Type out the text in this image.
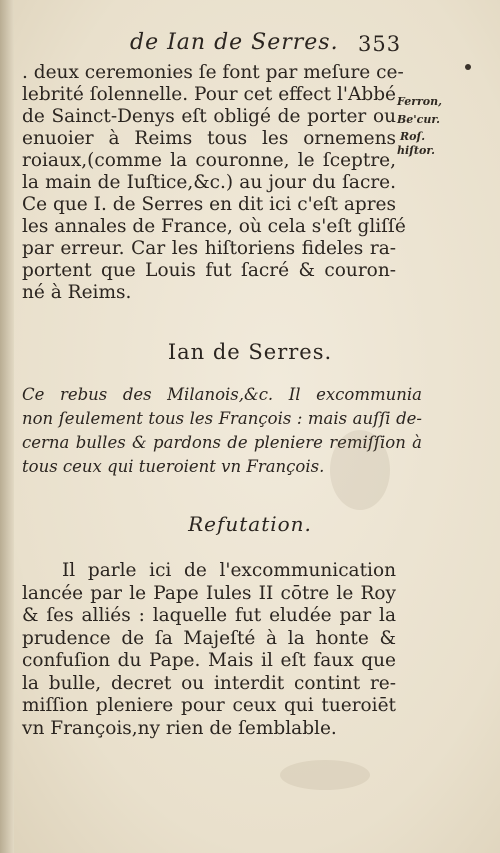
de Ian de Serres. 353
. deux ceremonies ſe font par meſure ce-
lebrité ſolennelle. Pour cet effect l'Abbé
de Sainct-Denys eſt obligé de porter ou
enuoier à Reims tous les ornemens
roiaux,(comme la couronne, le ſceptre,
la main de Iuſtice,&c.) au jour du ſacre.
Ce que I. de Serres en dit ici c'eſt apres
les annales de France, où cela s'eſt gliſſé
par erreur. Car les hiſtoriens fideles ra-
portent que Louis fut ſacré & couron-
né à Reims.
Ferron,
Be'cur.
Roſ.
hiſtor.
Ian de Serres.
Ce rebus des Milanois,&c. Il excommunia
non ſeulement tous les François : mais auſſi de-
cerna bulles & pardons de pleniere remiſſion à
tous ceux qui tueroient vn François.
Refutation.
Il parle ici de l'excommunication
lancée par le Pape Iules II cōtre le Roy
& ſes alliés : laquelle fut eludée par la
prudence de ſa Majeſté à la honte &
confuſion du Pape. Mais il eſt faux que
la bulle, decret ou interdit contint re-
miſſion pleniere pour ceux qui tueroiēt
vn François,ny rien de ſemblable.
